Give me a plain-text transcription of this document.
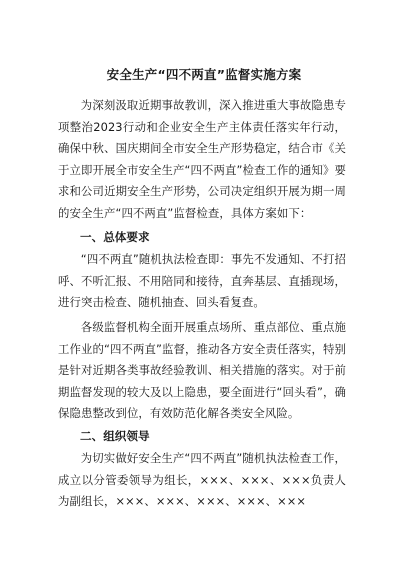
安全生产“四不两直”监督实施方案
为深刻汲取近期事故教训，深入推进重大事故隐患专项整治2023行动和企业安全生产主体责任落实年行动，确保中秋、国庆期间全市安全生产形势稳定，结合市《关于立即开展全市安全生产“四不两直”检查工作的通知》要求和公司近期安全生产形势，公司决定组织开展为期一周的安全生产“四不两直”监督检查，具体方案如下：
一、总体要求
“四不两直”随机执法检查即：事先不发通知、不打招呼、不听汇报、不用陪同和接待，直奔基层、直插现场，进行突击检查、随机抽查、回头看复查。
各级监督机构全面开展重点场所、重点部位、重点施工作业的“四不两直”监督，推动各方安全责任落实，特别是针对近期各类事故经验教训、相关措施的落实。对于前期监督发现的较大及以上隐患，要全面进行“回头看”，确保隐患整改到位，有效防范化解各类安全风险。
二、组织领导
为切实做好安全生产“四不两直”随机执法检查工作，成立以分管委领导为组长，×××、×××、×××负责人为副组长，×××、×××、×××、×××、×××
